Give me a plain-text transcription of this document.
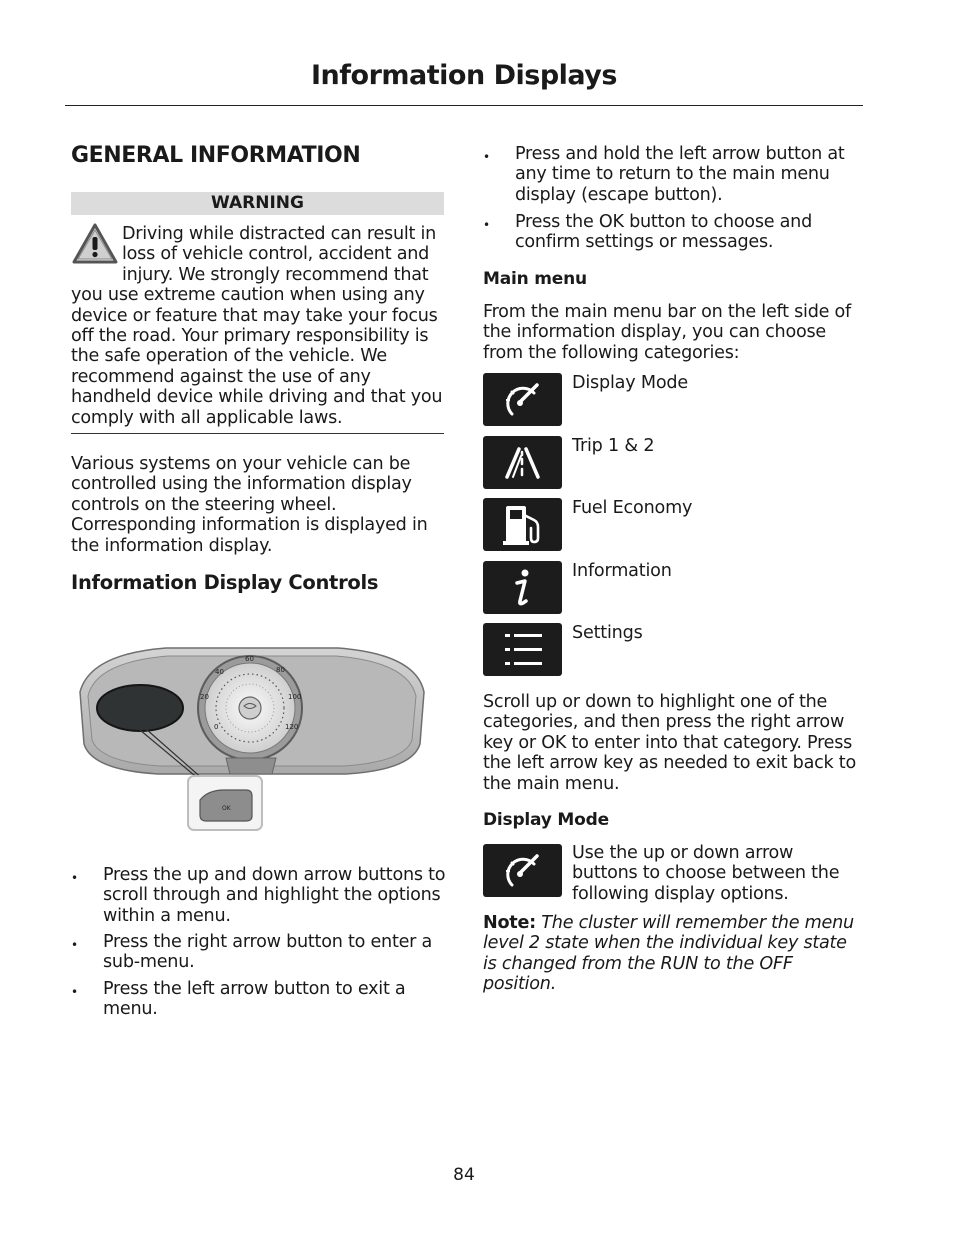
Information Displays
GENERAL INFORMATION
WARNING
Driving while distracted can result in loss of vehicle control, accident and injury. We strongly recommend that you use extreme caution when using any device or feature that may take your focus off the road. Your primary responsibility is the safe operation of the vehicle. We recommend against the use of any handheld device while driving and that you comply with all applicable laws.
Various systems on your vehicle can be controlled using the information display controls on the steering wheel. Corresponding information is displayed in the information display.
Information Display Controls
0
20
40
60
80
100
120
OK
• Press the up and down arrow buttons to scroll through and highlight the options within a menu.
• Press the right arrow button to enter a sub-menu.
• Press the left arrow button to exit a menu.
• Press and hold the left arrow button at any time to return to the main menu display (escape button).
• Press the OK button to choose and confirm settings or messages.
Main menu
From the main menu bar on the left side of the information display, you can choose from the following categories:
Display Mode
Trip 1 & 2
Fuel Economy
Information
Settings
Scroll up or down to highlight one of the categories, and then press the right arrow key or OK to enter into that category. Press the left arrow key as needed to exit back to the main menu.
Display Mode
Use the up or down arrow buttons to choose between the following display options.
Note: The cluster will remember the menu level 2 state when the individual key state is changed from the RUN to the OFF position.
84
